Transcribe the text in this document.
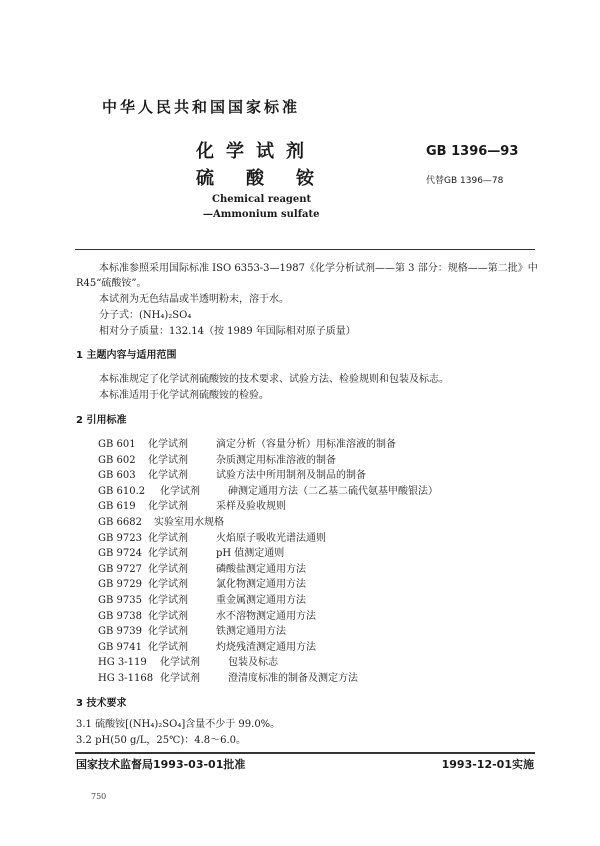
中华人民共和国国家标准
化学试剂
硫酸铵
GB 1396—93
代替GB 1396—78
Chemical reagent
—Ammonium sulfate
本标准参照采用国际标准 ISO 6353-3—1987《化学分析试剂——第 3 部分：规格——第二批》中
R45“硫酸铵”。
本试剂为无色结晶或半透明粉末，溶于水。
分子式：(NH₄)₂SO₄
相对分子质量：132.14（按 1989 年国际相对原子质量）
1 主题内容与适用范围
本标准规定了化学试剂硫酸铵的技术要求、试验方法、检验规则和包装及标志。
本标准适用于化学试剂硫酸铵的检验。
2 引用标准
GB 601 化学试剂	滴定分析（容量分析）用标准溶液的制备
GB 602 化学试剂	杂质测定用标准溶液的制备
GB 603 化学试剂	试验方法中所用制剂及制品的制备
GB 610.2 化学试剂	砷测定通用方法（二乙基二硫代氨基甲酸银法）
GB 619 化学试剂	采样及验收规则
GB 6682 实验室用水规格
GB 9723 化学试剂	火焰原子吸收光谱法通则
GB 9724 化学试剂	pH 值测定通则
GB 9727 化学试剂	磷酸盐测定通用方法
GB 9729 化学试剂	氯化物测定通用方法
GB 9735 化学试剂	重金属测定通用方法
GB 9738 化学试剂	水不溶物测定通用方法
GB 9739 化学试剂	铁测定通用方法
GB 9741 化学试剂	灼烧残渣测定通用方法
HG 3-119 化学试剂	包装及标志
HG 3-1168 化学试剂	澄清度标准的制备及测定方法
3 技术要求
3.1 硫酸铵[(NH₄)₂SO₄]含量不少于 99.0%。
3.2 pH(50 g/L，25℃)：4.8～6.0。
国家技术监督局1993-03-01批准	1993-12-01实施
750
